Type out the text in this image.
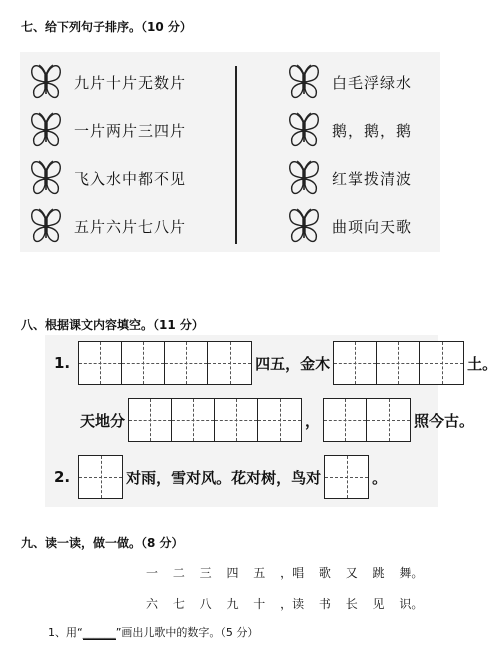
七、给下列句子排序。（10 分）
九片十片无数片
一片两片三四片
飞入水中都不见
五片六片七八片
白毛浮绿水
鹅，鹅，鹅
红掌拨清波
曲项向天歌
八、根据课文内容填空。（11 分）
1.	四五，金木	土。
天地分	，	照今古。
2.	对雨，雪对风。花对树，鸟对	。
九、读一读，做一做。（8 分）
一 二 三 四 五 ，唱 歌 又 跳 舞。
六 七 八 九 十 ，读 书 长 见 识。
1、用“______”画出儿歌中的数字。（5 分）
